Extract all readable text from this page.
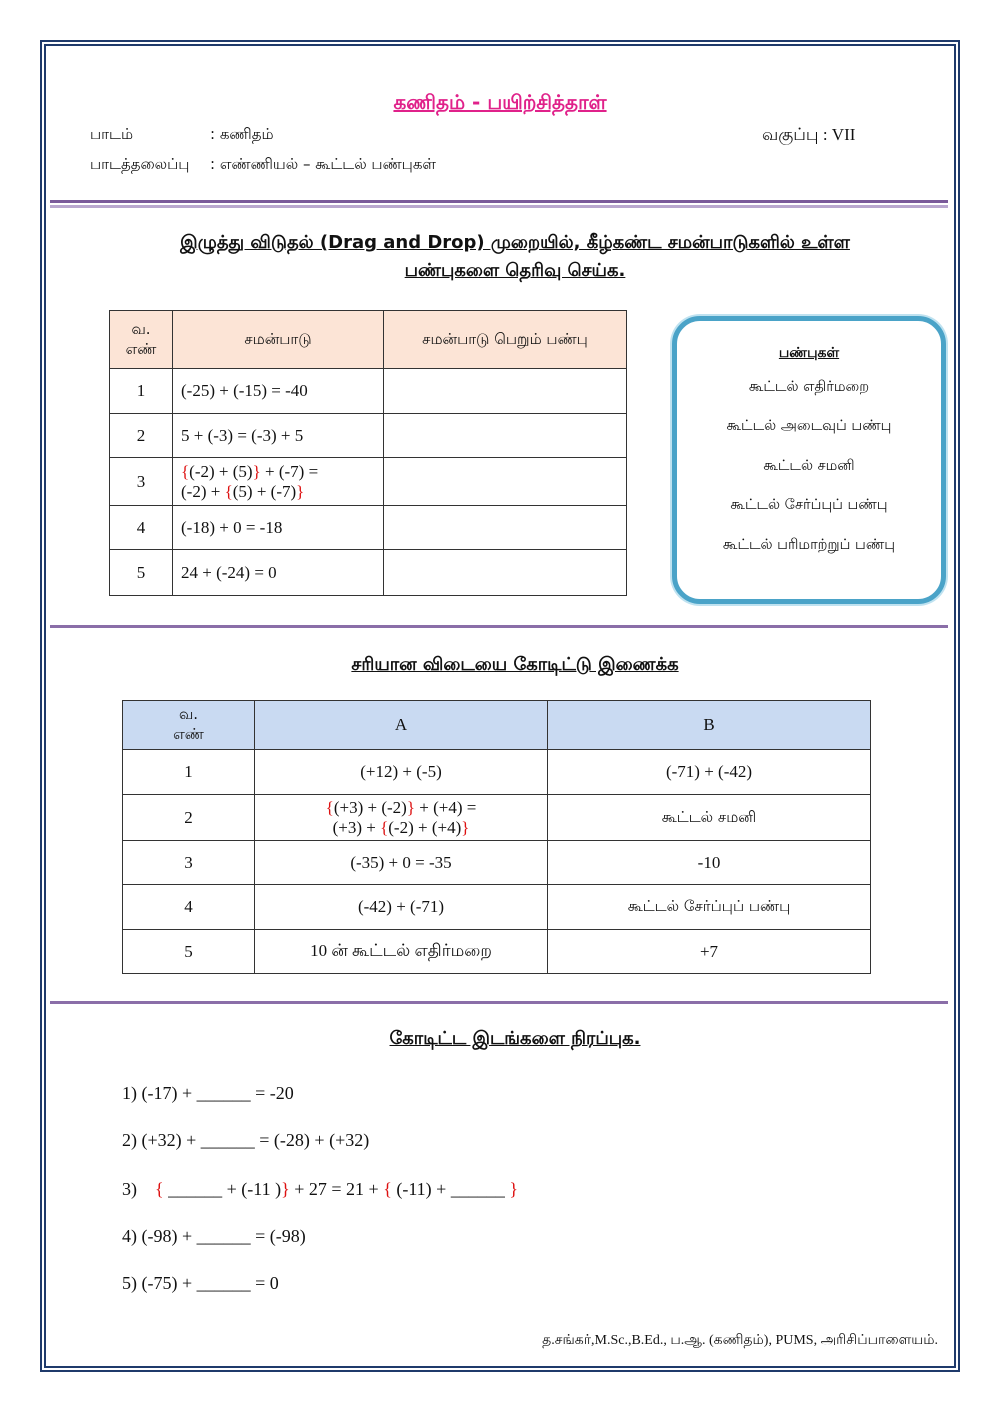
கணிதம் - பயிற்சித்தாள்
பாடம்	: கணிதம்	வகுப்பு : VII
பாடத்தலைப்பு : எண்ணியல் – கூட்டல் பண்புகள்
இழுத்து விடுதல் (Drag and Drop) முறையில், கீழ்கண்ட சமன்பாடுகளில் உள்ள
பண்புகளை தெரிவு செய்க.
வ.
எண்	சமன்பாடு	சமன்பாடு பெறும் பண்பு
1	(-25) + (-15) = -40	
2	5 + (-3) = (-3) + 5	
3	{(-2) + (5)} + (-7) =
(-2) + {(5) + (-7)}	
4	(-18) + 0 = -18	
5	24 + (-24) = 0	
பண்புகள்
கூட்டல் எதிர்மறை
கூட்டல் அடைவுப் பண்பு
கூட்டல் சமனி
கூட்டல் சேர்ப்புப் பண்பு
கூட்டல் பரிமாற்றுப் பண்பு
சரியான விடையை கோடிட்டு இணைக்க
வ.
எண்	A	B
1	(+12) + (-5)	(-71) + (-42)
2	{(+3) + (-2)} + (+4) =
(+3) + {(-2) + (+4)}	கூட்டல் சமனி
3	(-35) + 0 = -35	-10
4	(-42) + (-71)	கூட்டல் சேர்ப்புப் பண்பு
5	10 ன் கூட்டல் எதிர்மறை	+7
கோடிட்ட இடங்களை நிரப்புக.
1) (-17) + ______ = -20
2) (+32) + ______ = (-28) + (+32)
3) { ______ + (-11 )} + 27 = 21 + { (-11) + ______ }
4) (-98) + ______ = (-98)
5) (-75) + ______ = 0
த.சங்கர்,M.Sc.,B.Ed., ப.ஆ. (கணிதம்), PUMS, அரிசிப்பாளையம்.
